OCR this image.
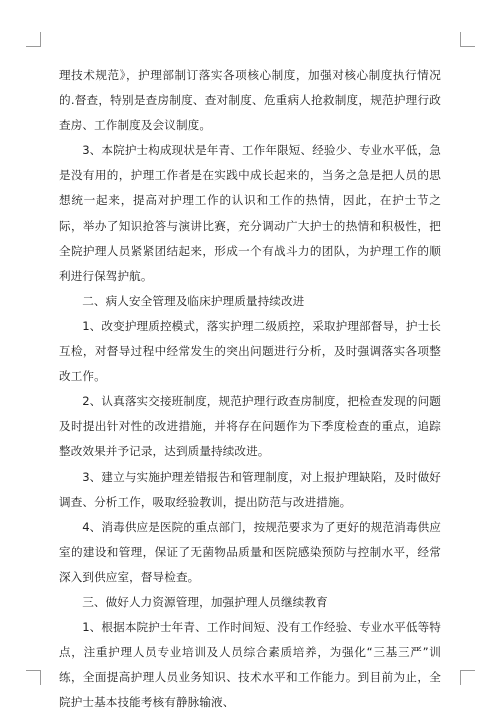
理技术规范》，护理部制订落实各项核心制度，加强对核心制度执行情况的.督查，特别是查房制度、查对制度、危重病人抢救制度，规范护理行政查房、工作制度及会议制度。

3、本院护士构成现状是年青、工作年限短、经验少、专业水平低，急是没有用的，护理工作者是在实践中成长起来的，当务之急是把人员的思想统一起来，提高对护理工作的认识和工作的热情，因此，在护士节之际，举办了知识抢答与演讲比赛，充分调动广大护士的热情和积极性，把全院护理人员紧紧团结起来，形成一个有战斗力的团队，为护理工作的顺利进行保驾护航。

二、病人安全管理及临床护理质量持续改进

1、改变护理质控模式，落实护理二级质控，采取护理部督导，护士长互检，对督导过程中经常发生的突出问题进行分析，及时强调落实各项整改工作。

2、认真落实交接班制度，规范护理行政查房制度，把检查发现的问题及时提出针对性的改进措施，并将存在问题作为下季度检查的重点，追踪整改效果并予记录，达到质量持续改进。

3、建立与实施护理差错报告和管理制度，对上报护理缺陷，及时做好调查、分析工作，吸取经验教训，提出防范与改进措施。

4、消毒供应是医院的重点部门，按规范要求为了更好的规范消毒供应室的建设和管理，保证了无菌物品质量和医院感染预防与控制水平，经常深入到供应室，督导检查。

三、做好人力资源管理，加强护理人员继续教育

1、根据本院护士年青、工作时间短、没有工作经验、专业水平低等特点，注重护理人员专业培训及人员综合素质培养，为强化“三基三严”训练，全面提高护理人员业务知识、技术水平和工作能力。到目前为止，全院护士基本技能考核有静脉输液、
